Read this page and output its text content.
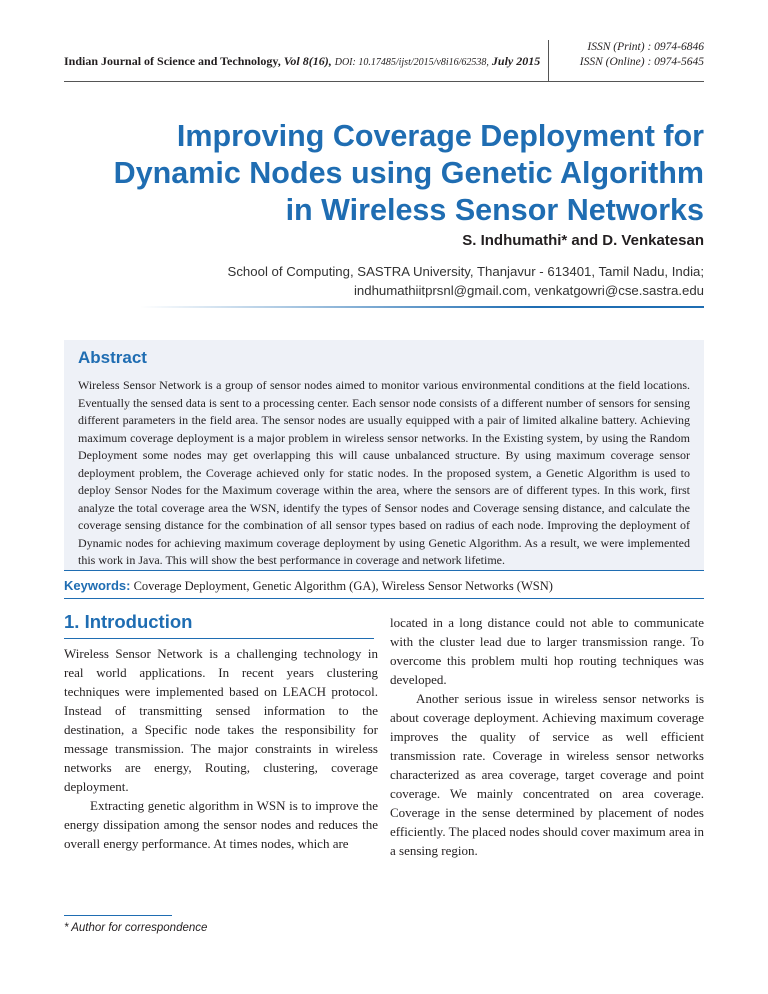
Indian Journal of Science and Technology, Vol 8(16), DOI: 10.17485/ijst/2015/v8i16/62538, July 2015
ISSN (Print) : 0974-6846
ISSN (Online) : 0974-5645
Improving Coverage Deployment for Dynamic Nodes using Genetic Algorithm in Wireless Sensor Networks
S. Indhumathi* and D. Venkatesan
School of Computing, SASTRA University, Thanjavur - 613401, Tamil Nadu, India;
indhumathiitprsnl@gmail.com, venkatgowri@cse.sastra.edu
Abstract
Wireless Sensor Network is a group of sensor nodes aimed to monitor various environmental conditions at the field locations. Eventually the sensed data is sent to a processing center. Each sensor node consists of a different number of sensors for sensing different parameters in the field area. The sensor nodes are usually equipped with a pair of limited alkaline battery. Achieving maximum coverage deployment is a major problem in wireless sensor networks. In the Existing system, by using the Random Deployment some nodes may get overlapping this will cause unbalanced structure. By using maximum coverage sensor deployment problem, the Coverage achieved only for static nodes. In the proposed system, a Genetic Algorithm is used to deploy Sensor Nodes for the Maximum coverage within the area, where the sensors are of different types. In this work, first analyze the total coverage area the WSN, identify the types of Sensor nodes and Coverage sensing distance, and calculate the coverage sensing distance for the combination of all sensor types based on radius of each node. Improving the deployment of Dynamic nodes for achieving maximum coverage deployment by using Genetic Algorithm. As a result, we were implemented this work in Java. This will show the best performance in coverage and network lifetime.
Keywords: Coverage Deployment, Genetic Algorithm (GA), Wireless Sensor Networks (WSN)
1. Introduction

Wireless Sensor Network is a challenging technology in real world applications. In recent years clustering techniques were implemented based on LEACH protocol. Instead of transmitting sensed information to the destination, a Specific node takes the responsibility for message transmission. The major constraints in wireless networks are energy, Routing, clustering, coverage deployment.

Extracting genetic algorithm in WSN is to improve the energy dissipation among the sensor nodes and reduces the overall energy performance. At times nodes, which are

located in a long distance could not able to communicate with the cluster lead due to larger transmission range. To overcome this problem multi hop routing techniques was developed.

Another serious issue in wireless sensor networks is about coverage deployment. Achieving maximum coverage improves the quality of service as well efficient transmission rate. Coverage in wireless sensor networks characterized as area coverage, target coverage and point coverage. We mainly concentrated on area coverage. Coverage in the sense determined by placement of nodes efficiently. The placed nodes should cover maximum area in a sensing region.

* Author for correspondence
